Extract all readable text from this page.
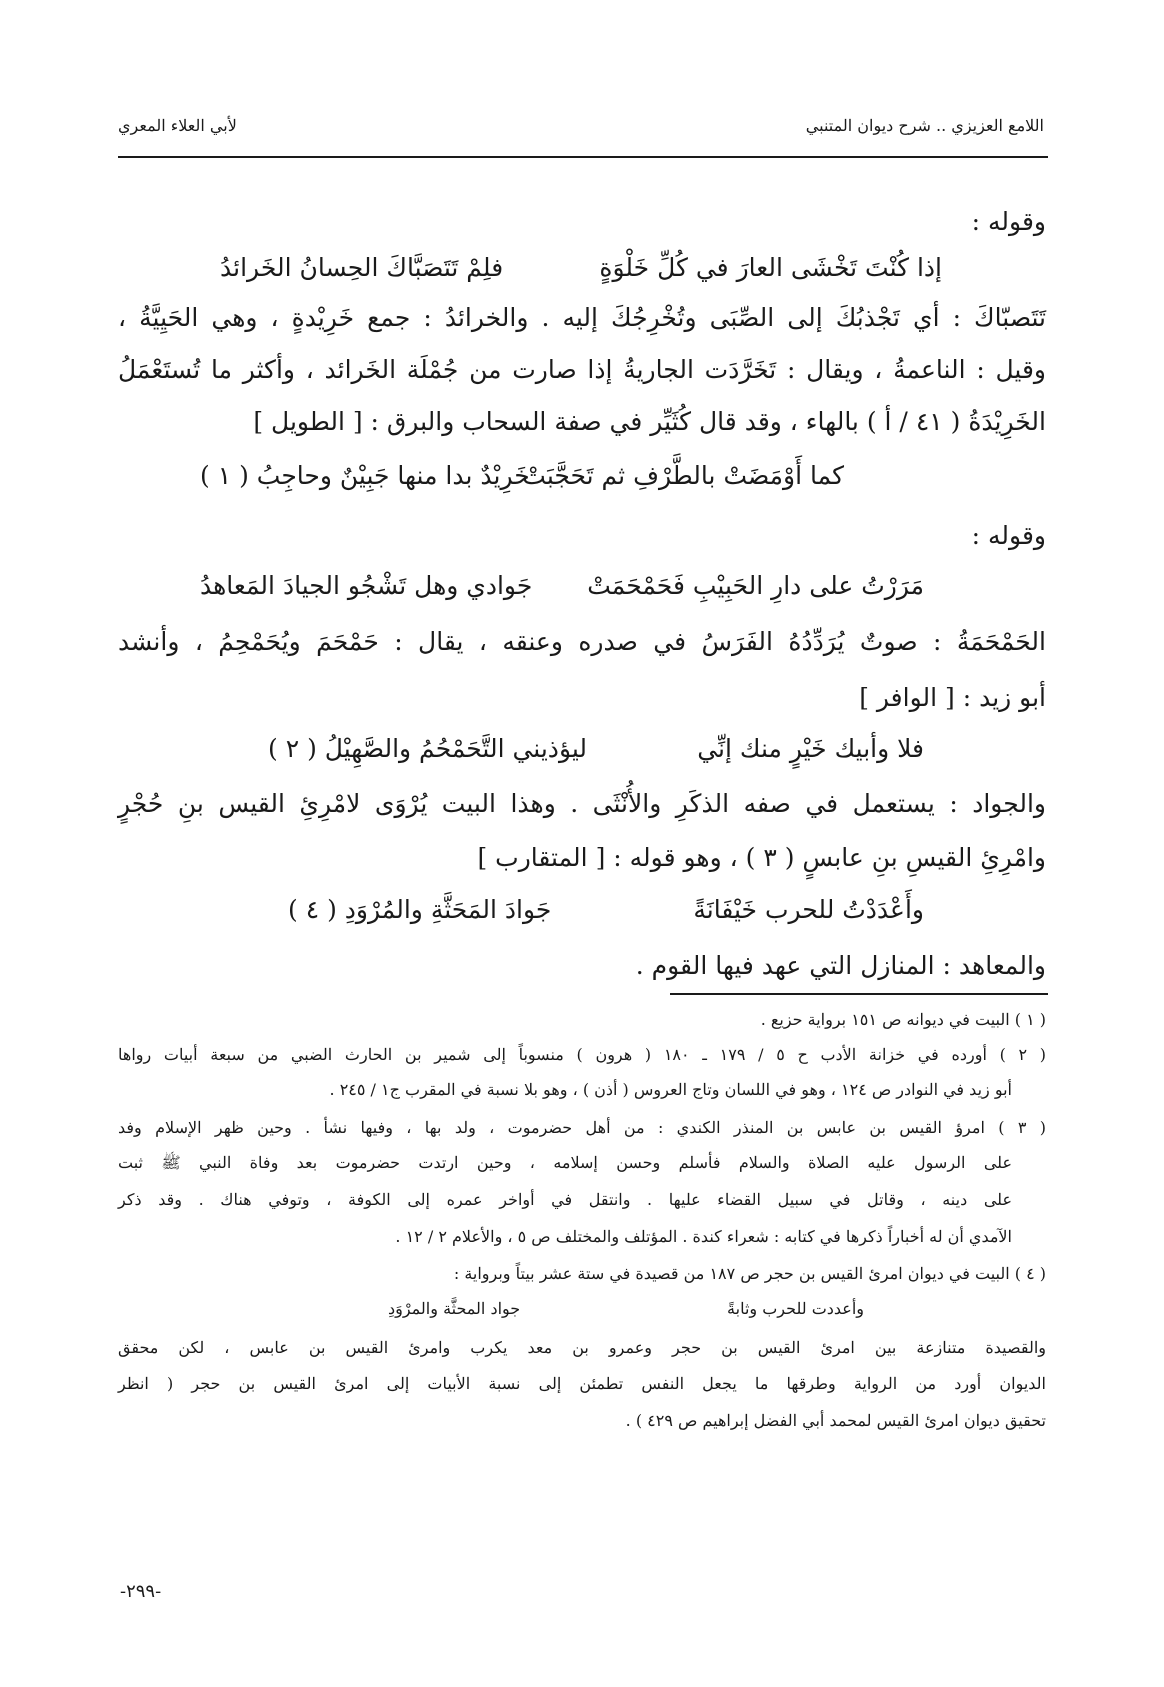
اللامع العزيزي .. شرح ديوان المتنبي
لأبي العلاء المعري
وقوله :
إذا كُنْتَ تَخْشَى العارَ في كُلِّ خَلْوَةٍ
فلِمْ تَتَصَبَّاكَ الحِسانُ الخَرائدُ
تَتَصبّاكَ : أي تَجْذبُكَ إلى الصِّبَى وتُخْرِجُكَ إليه . والخرائدُ : جمع خَرِيْدةٍ ، وهي الحَيِيَّةُ ،
وقيل : الناعمةُ ، ويقال : تَخَرَّدَت الجاريةُ إذا صارت من جُمْلَة الخَرائد ، وأكثر ما تُستَعْمَلُ
الخَرِيْدَةُ ( ٤١ / أ ) بالهاء ، وقد قال كُثَيِّر في صفة السحاب والبرق : [ الطويل ]
كما أَوْمَضَتْ بالطَّرْفِ ثم تَحَجَّبَتْ
خَرِيْدٌ بدا منها جَبِيْنٌ وحاجِبُ ( ١ )
وقوله :
مَرَرْتُ على دارِ الحَبِيْبِ فَحَمْحَمَتْ
جَوادي وهل تَشْجُو الجيادَ المَعاهدُ
الحَمْحَمَةُ : صوتٌ يُرَدِّدُهُ الفَرَسُ في صدره وعنقه ، يقال : حَمْحَمَ ويُحَمْحِمُ ، وأنشد
أبو زيد : [ الوافر ]
فلا وأبيك خَيْرٍ منك إنِّي
ليؤذيني التَّحَمْحُمُ والصَّهِيْلُ ( ٢ )
والجواد : يستعمل في صفه الذكَرِ والأُنْثَى . وهذا البيت يُرْوَى لامْرِئِ القيس بنِ حُجْرٍ
وامْرِئِ القيسِ بنِ عابسٍ ( ٣ ) ، وهو قوله : [ المتقارب ]
وأَعْدَدْتُ للحرب خَيْفَانَةً
جَوادَ المَحَثَّةِ والمُرْوَدِ ( ٤ )
والمعاهد : المنازل التي عهد فيها القوم .
( ١ ) البيت في ديوانه ص ١٥١ برواية حزيع .
( ٢ ) أورده في خزانة الأدب ح ٥ / ١٧٩ ـ ١٨٠ ( هرون ) منسوباً إلى شمير بن الحارث الضبي من سبعة أبيات رواها
أبو زيد في النوادر ص ١٢٤ ، وهو في اللسان وتاج العروس ( أذن ) ، وهو بلا نسبة في المقرب ج١ / ٢٤٥ .
( ٣ ) امرؤ القيس بن عابس بن المنذر الكندي : من أهل حضرموت ، ولد بها ، وفيها نشأ . وحين ظهر الإسلام وفد
على الرسول عليه الصلاة والسلام فأسلم وحسن إسلامه ، وحين ارتدت حضرموت بعد وفاة النبي ﷺ ثبت
على دينه ، وقاتل في سبيل القضاء عليها . وانتقل في أواخر عمره إلى الكوفة ، وتوفي هناك . وقد ذكر
الآمدي أن له أخباراً ذكرها في كتابه : شعراء كندة . المؤتلف والمختلف ص ٥ ، والأعلام ٢ / ١٢ .
( ٤ ) البيت في ديوان امرئ القيس بن حجر ص ١٨٧ من قصيدة في ستة عشر بيتاً وبرواية :
وأعددت للحرب وثابةً
جواد المحثَّة والمرْوَدِ
والقصيدة متنازعة بين امرئ القيس بن حجر وعمرو بن معد يكرب وامرئ القيس بن عابس ، لكن محقق
الديوان أورد من الرواية وطرقها ما يجعل النفس تطمئن إلى نسبة الأبيات إلى امرئ القيس بن حجر ( انظر
تحقيق ديوان امرئ القيس لمحمد أبي الفضل إبراهيم ص ٤٢٩ ) .
-٢٩٩-
